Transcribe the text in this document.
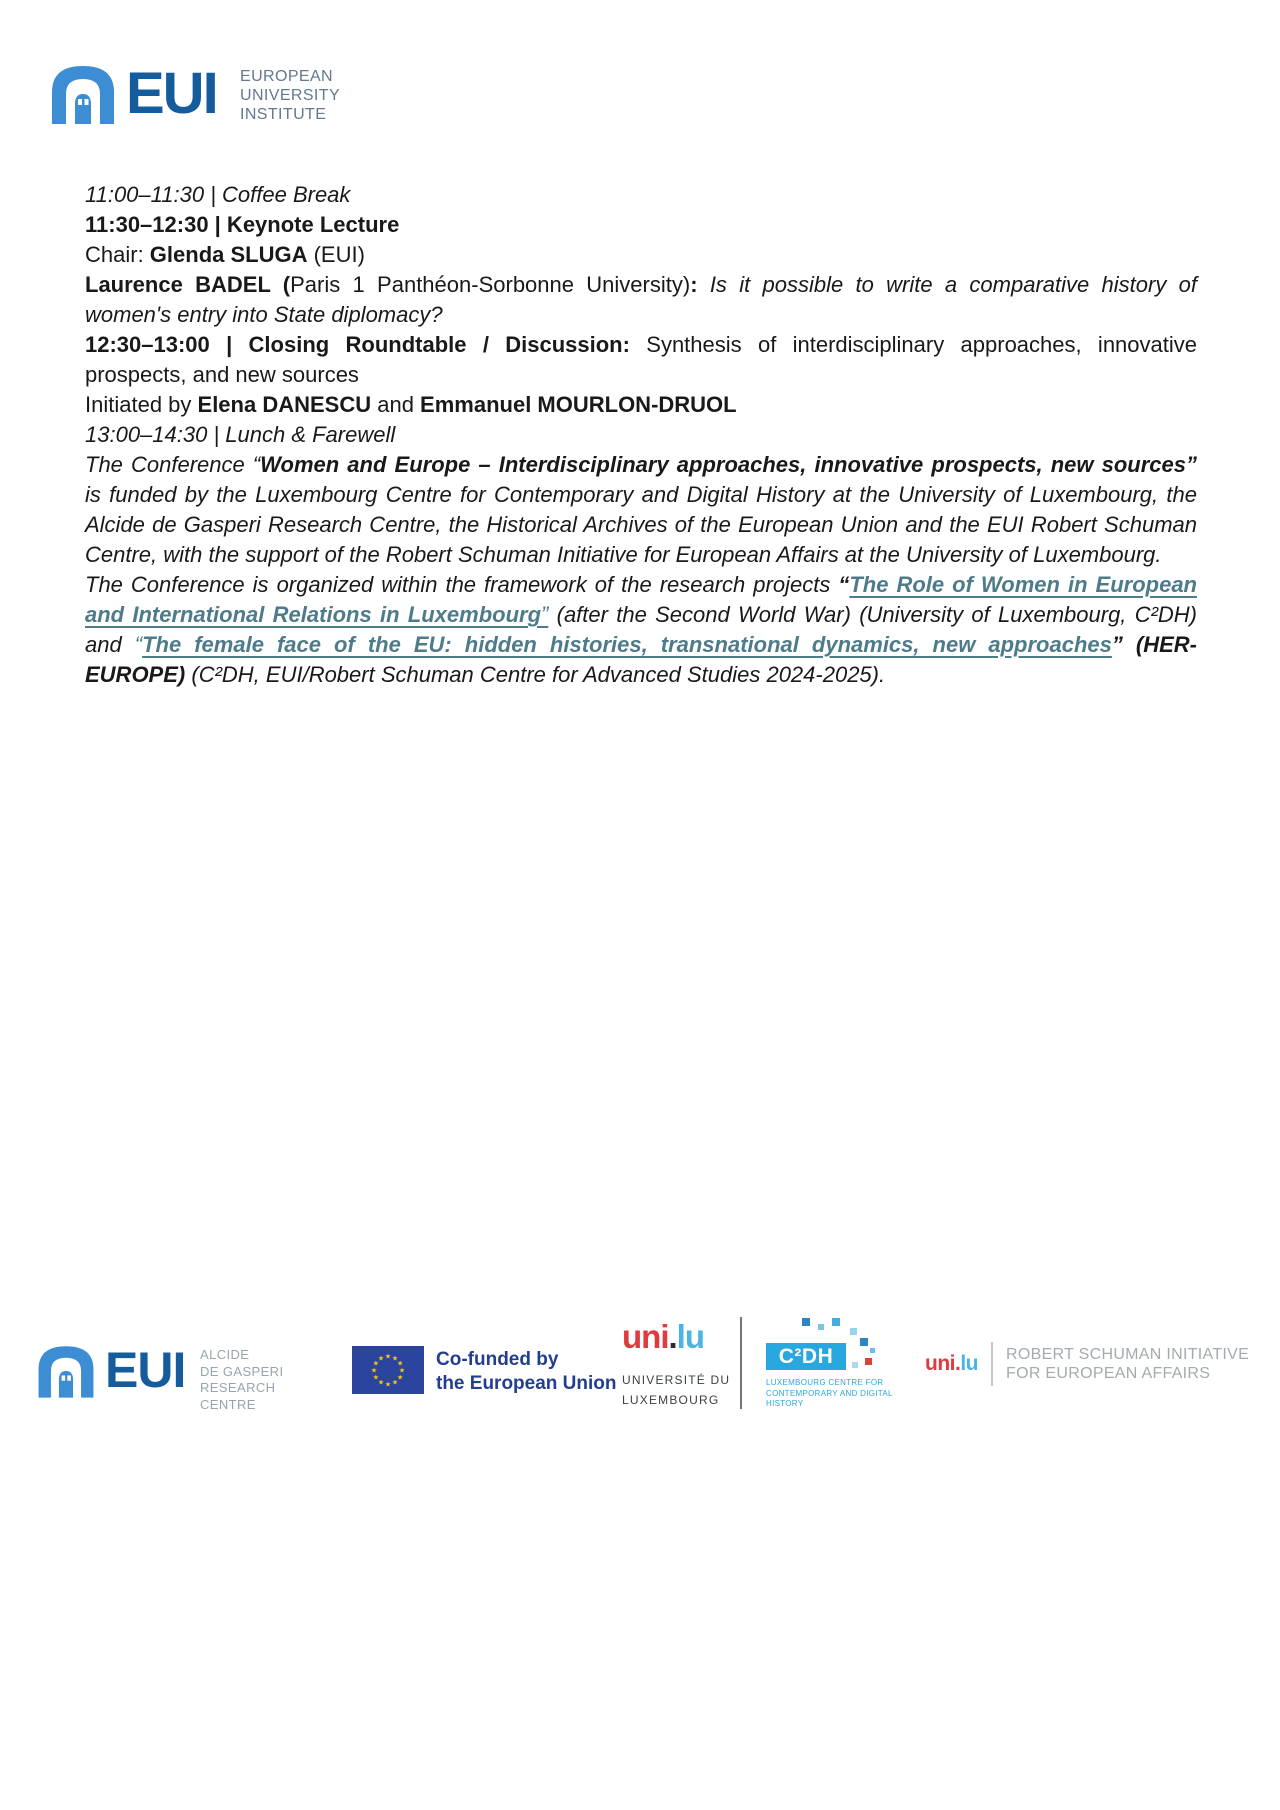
EUI EUROPEAN
UNIVERSITY
INSTITUTE

11:00–11:30 | Coffee Break

11:30–12:30 | Keynote Lecture

Chair: Glenda SLUGA (EUI)

Laurence BADEL (Paris 1 Panthéon-Sorbonne University): Is it possible to write a comparative history of women's entry into State diplomacy?

12:30–13:00 | Closing Roundtable / Discussion: Synthesis of interdisciplinary approaches, innovative prospects, and new sources

Initiated by Elena DANESCU and Emmanuel MOURLON-DRUOL

13:00–14:30 | Lunch & Farewell

The Conference “Women and Europe – Interdisciplinary approaches, innovative prospects, new sources” is funded by the Luxembourg Centre for Contemporary and Digital History at the University of Luxembourg, the Alcide de Gasperi Research Centre, the Historical Archives of the European Union and the EUI Robert Schuman Centre, with the support of the Robert Schuman Initiative for European Affairs at the University of Luxembourg.

The Conference is organized within the framework of the research projects “The Role of Women in European and International Relations in Luxembourg” (after the Second World War) (University of Luxembourg, C²DH) and “The female face of the EU: hidden histories, transnational dynamics, new approaches” (HER-EUROPE) (C²DH, EUI/Robert Schuman Centre for Advanced Studies 2024-2025).

EUI ALCIDE
DE GASPERI
RESEARCH CENTRE
★ ★
★
★
★
★
★
★
★
★
★
★	Co-funded by
the European Union
uni.lu
UNIVERSITÉ DU
LUXEMBOURG
C²DH
LUXEMBOURG CENTRE FOR
CONTEMPORARY AND DIGITAL HISTORY
uni.lu ROBERT SCHUMAN INITIATIVE
FOR EUROPEAN AFFAIRS
